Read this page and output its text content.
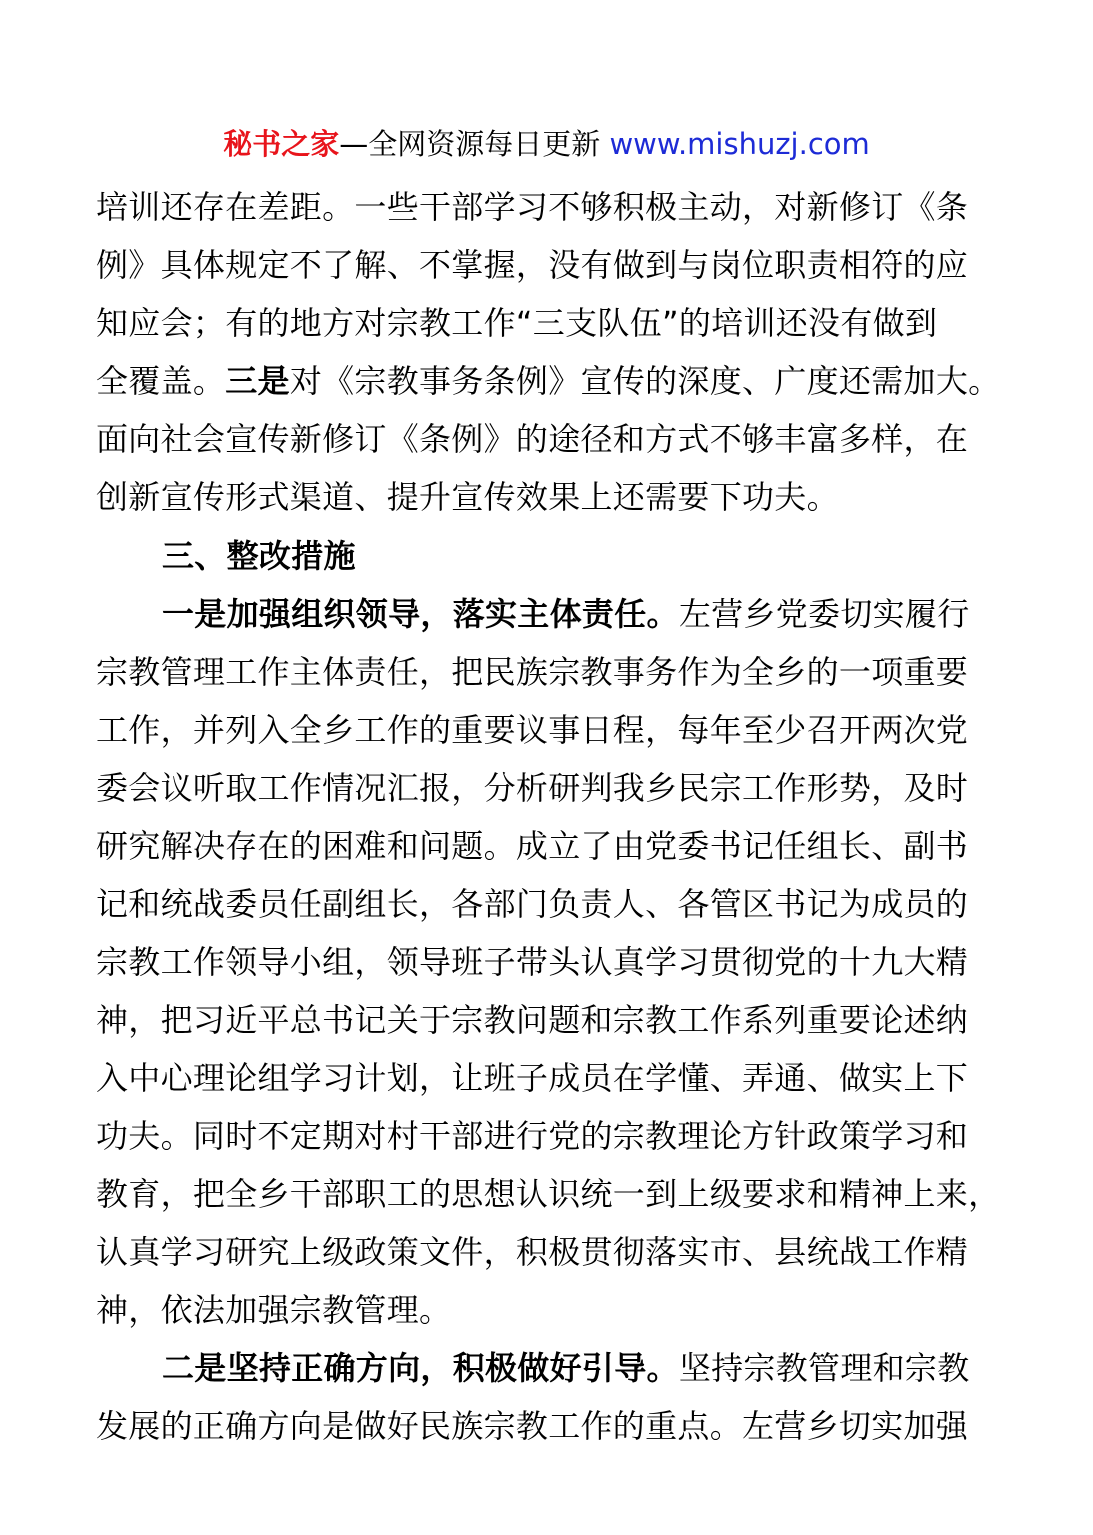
秘书之家—全网资源每日更新 www.mishuzj.com
培训还存在差距。一些干部学习不够积极主动，对新修订《条
例》具体规定不了解、不掌握，没有做到与岗位职责相符的应
知应会；有的地方对宗教工作“三支队伍”的培训还没有做到
全覆盖。三是对《宗教事务条例》宣传的深度、广度还需加大。
面向社会宣传新修订《条例》的途径和方式不够丰富多样，在
创新宣传形式渠道、提升宣传效果上还需要下功夫。
三、整改措施
一是加强组织领导，落实主体责任。左营乡党委切实履行
宗教管理工作主体责任，把民族宗教事务作为全乡的一项重要
工作，并列入全乡工作的重要议事日程，每年至少召开两次党
委会议听取工作情况汇报，分析研判我乡民宗工作形势，及时
研究解决存在的困难和问题。成立了由党委书记任组长、副书
记和统战委员任副组长，各部门负责人、各管区书记为成员的
宗教工作领导小组，领导班子带头认真学习贯彻党的十九大精
神，把习近平总书记关于宗教问题和宗教工作系列重要论述纳
入中心理论组学习计划，让班子成员在学懂、弄通、做实上下
功夫。同时不定期对村干部进行党的宗教理论方针政策学习和
教育，把全乡干部职工的思想认识统一到上级要求和精神上来，
认真学习研究上级政策文件，积极贯彻落实市、县统战工作精
神，依法加强宗教管理。
二是坚持正确方向，积极做好引导。坚持宗教管理和宗教
发展的正确方向是做好民族宗教工作的重点。左营乡切实加强
